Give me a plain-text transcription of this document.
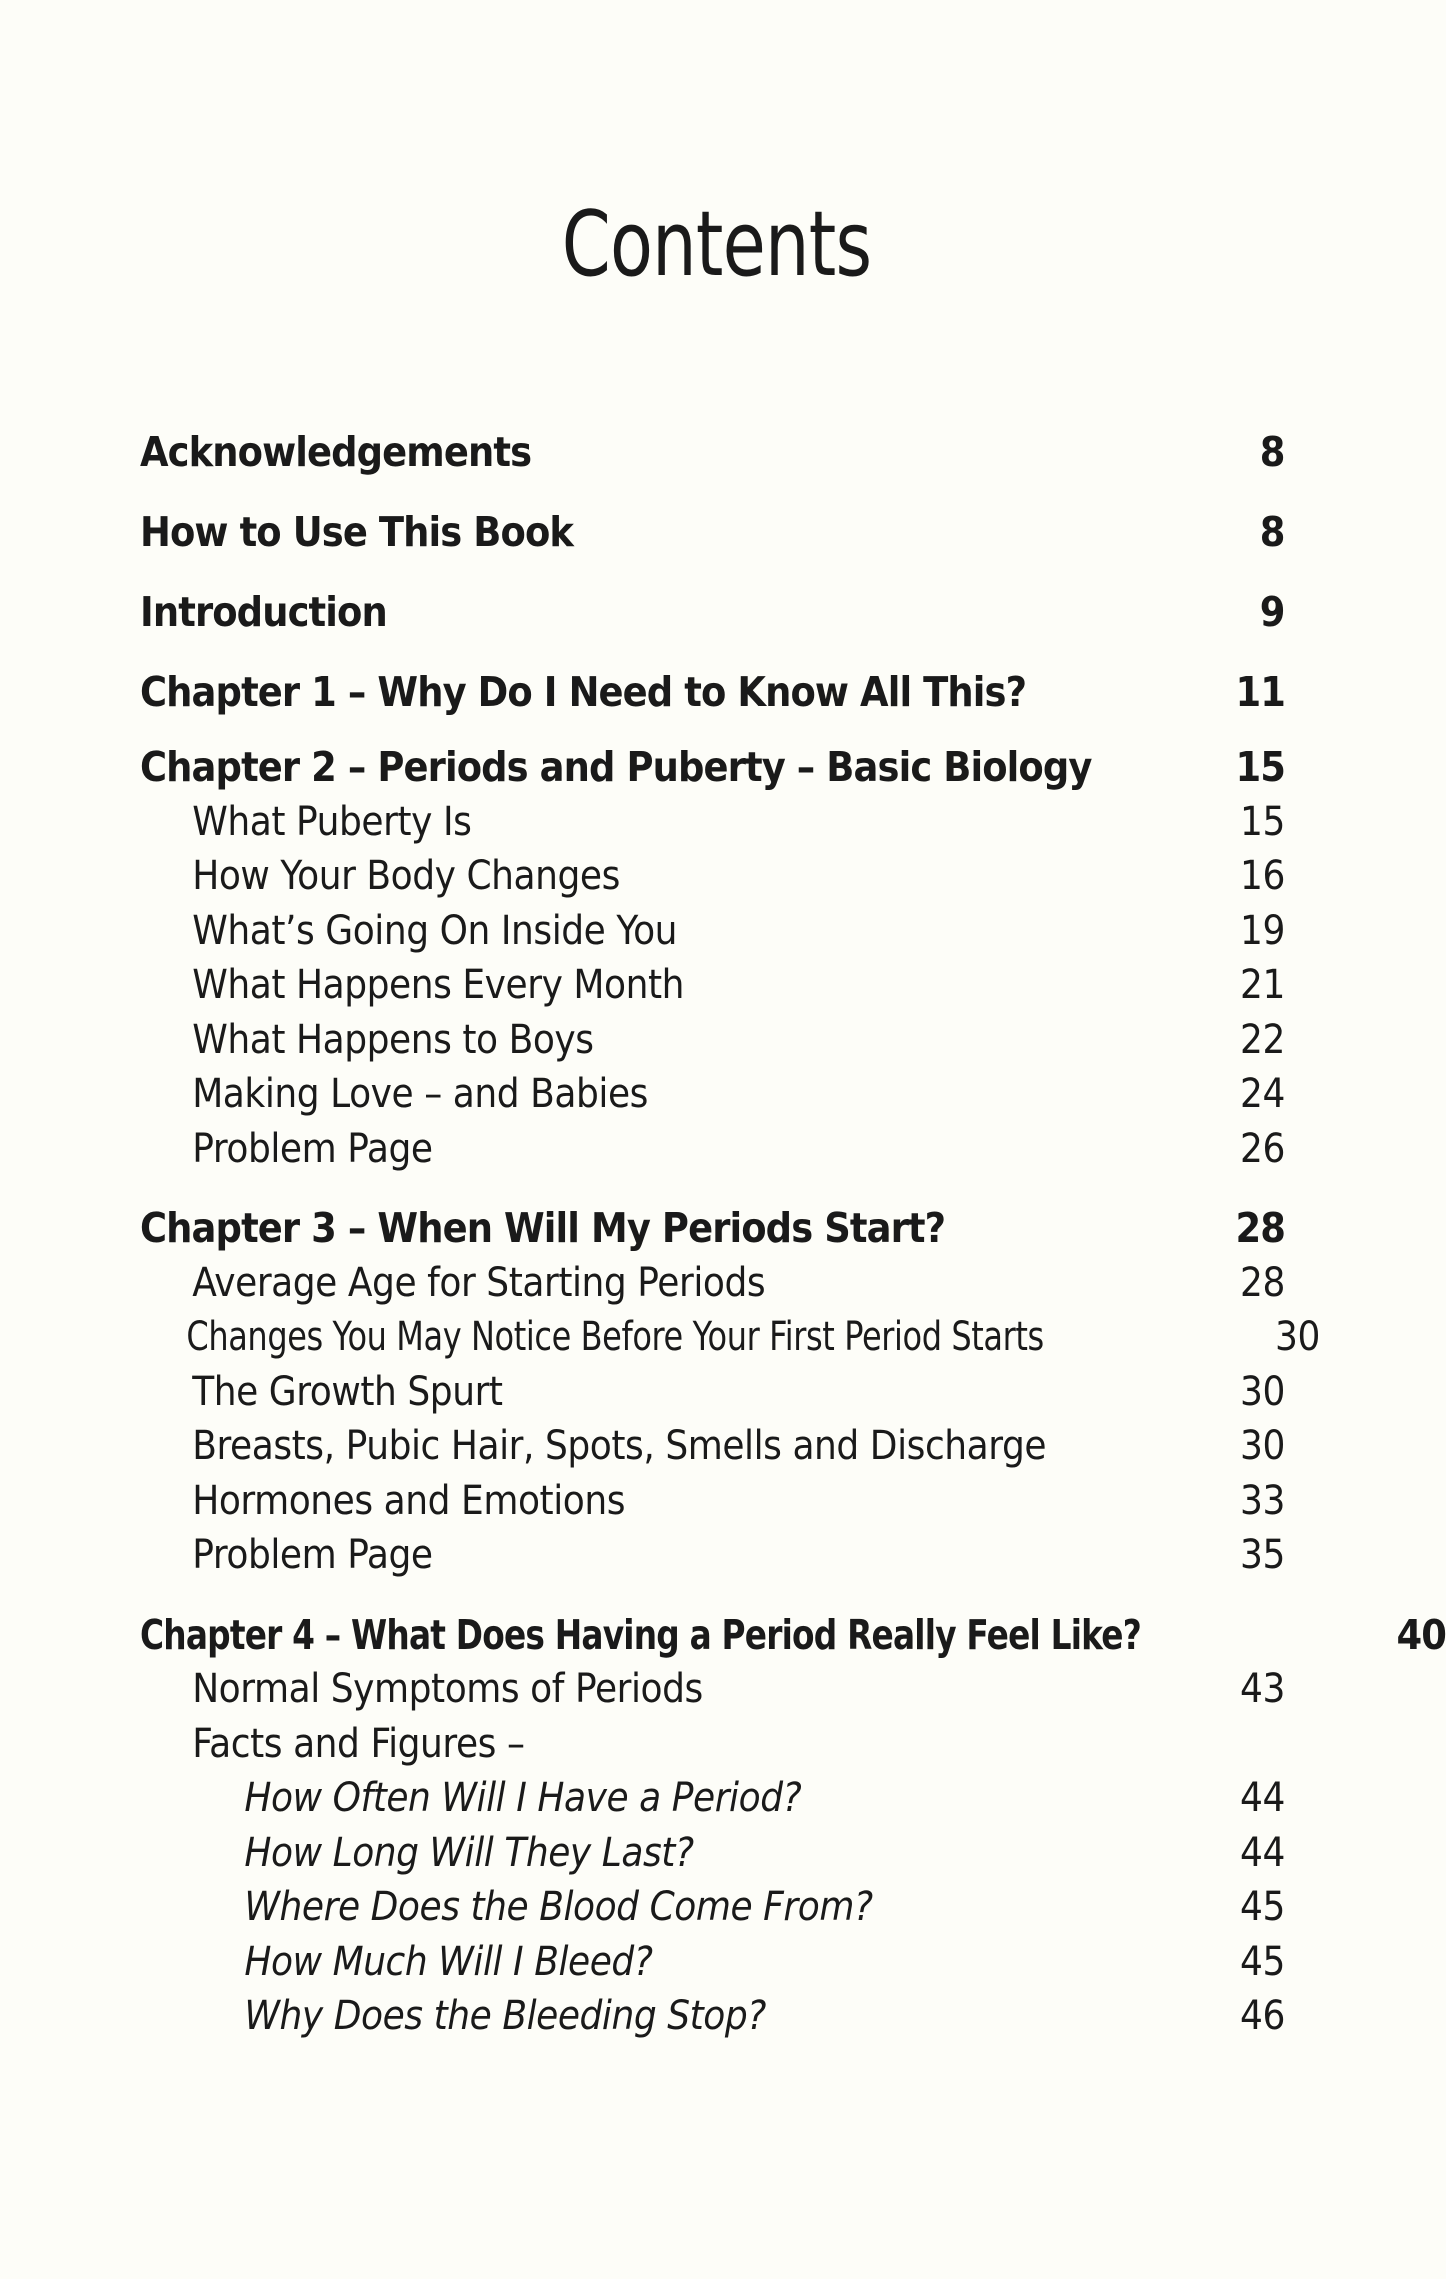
Contents
Acknowledgements	8
How to Use This Book	8
Introduction	9
Chapter 1 – Why Do I Need to Know All This?	11
Chapter 2 – Periods and Puberty – Basic Biology	15
What Puberty Is	15
How Your Body Changes	16
What’s Going On Inside You	19
What Happens Every Month	21
What Happens to Boys	22
Making Love – and Babies	24
Problem Page	26
Chapter 3 – When Will My Periods Start?	28
Average Age for Starting Periods	28
Changes You May Notice Before Your First Period Starts	30
The Growth Spurt	30
Breasts, Pubic Hair, Spots, Smells and Discharge	30
Hormones and Emotions	33
Problem Page	35
Chapter 4 – What Does Having a Period Really Feel Like?	40
Normal Symptoms of Periods	43
Facts and Figures –
How Often Will I Have a Period?	44
How Long Will They Last?	44
Where Does the Blood Come From?	45
How Much Will I Bleed?	45
Why Does the Bleeding Stop?	46
